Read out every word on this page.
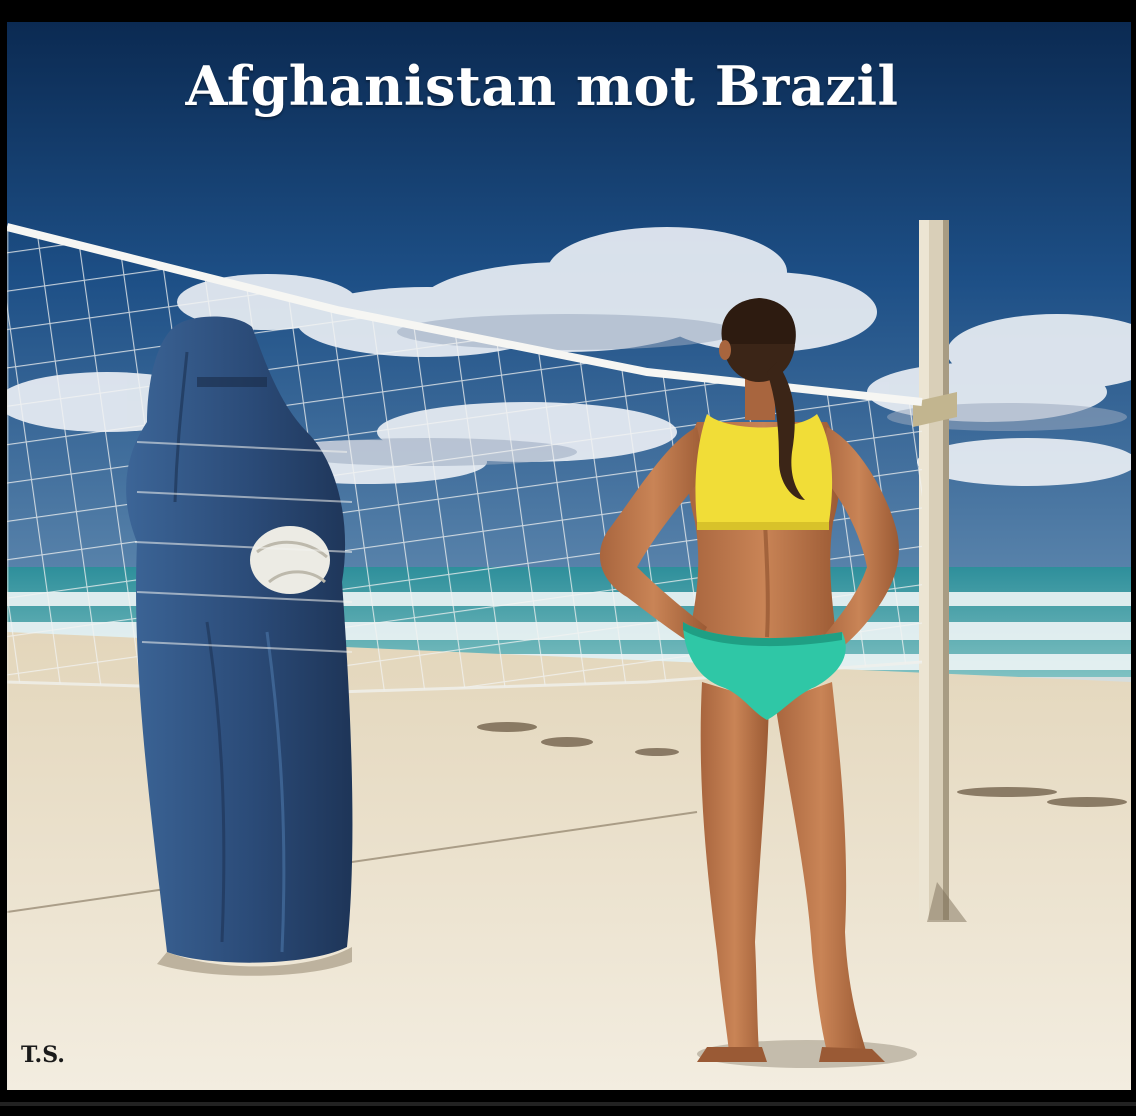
Afghanistan mot Brazil
T.S.
